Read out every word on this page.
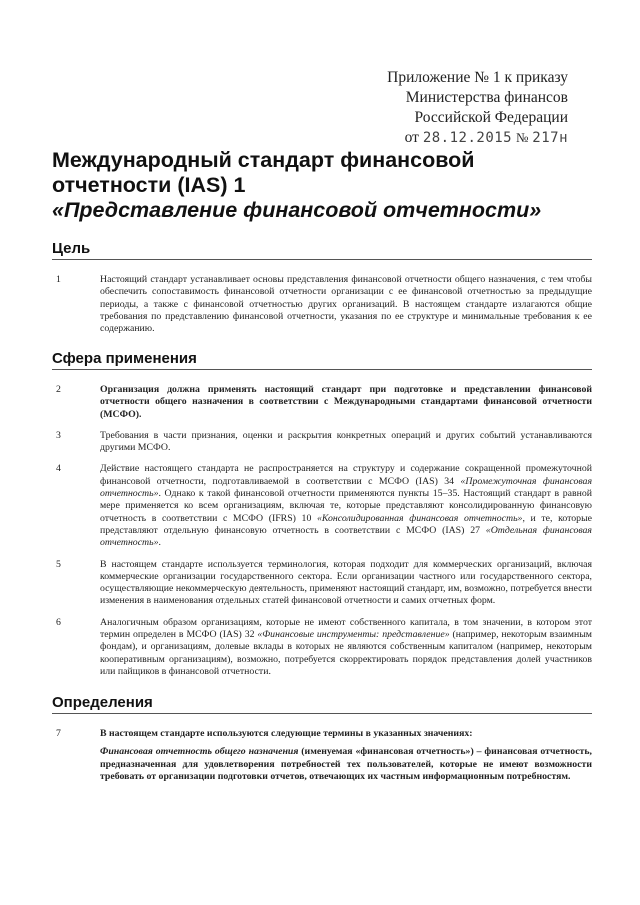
Приложение № 1 к приказу
Министерства финансов
Российской Федерации
от 28.12.2015 № 217н
Международный стандарт финансовой
отчетности (IAS) 1
«Представление финансовой отчетности»
Цель
1	Настоящий стандарт устанавливает основы представления финансовой отчетности общего назначения, с тем чтобы обеспечить сопоставимость финансовой отчетности организации с ее финансовой отчетностью за предыдущие периоды, а также с финансовой отчетностью других организаций. В настоящем стандарте излагаются общие требования по представлению финансовой отчетности, указания по ее структуре и минимальные требования к ее содержанию.
Сфера применения
2	Организация должна применять настоящий стандарт при подготовке и представлении финансовой отчетности общего назначения в соответствии с Международными стандартами финансовой отчетности (МСФО).
3	Требования в части признания, оценки и раскрытия конкретных операций и других событий устанавливаются другими МСФО.
4	Действие настоящего стандарта не распространяется на структуру и содержание сокращенной промежуточной финансовой отчетности, подготавливаемой в соответствии с МСФО (IAS) 34 «Промежуточная финансовая отчетность». Однако к такой финансовой отчетности применяются пункты 15–35. Настоящий стандарт в равной мере применяется ко всем организациям, включая те, которые представляют консолидированную финансовую отчетность в соответствии с МСФО (IFRS) 10 «Консолидированная финансовая отчетность», и те, которые представляют отдельную финансовую отчетность в соответствии с МСФО (IAS) 27 «Отдельная финансовая отчетность».
5	В настоящем стандарте используется терминология, которая подходит для коммерческих организаций, включая коммерческие организации государственного сектора. Если организации частного или государственного сектора, осуществляющие некоммерческую деятельность, применяют настоящий стандарт, им, возможно, потребуется внести изменения в наименования отдельных статей финансовой отчетности и самих отчетных форм.
6	Аналогичным образом организациям, которые не имеют собственного капитала, в том значении, в котором этот термин определен в МСФО (IAS) 32 «Финансовые инструменты: представление» (например, некоторым взаимным фондам), и организациям, долевые вклады в которых не являются собственным капиталом (например, некоторым кооперативным организациям), возможно, потребуется скорректировать порядок представления долей участников или пайщиков в финансовой отчетности.
Определения
7	В настоящем стандарте используются следующие термины в указанных значениях:
Финансовая отчетность общего назначения (именуемая «финансовая отчетность») – финансовая отчетность, предназначенная для удовлетворения потребностей тех пользователей, которые не имеют возможности требовать от организации подготовки отчетов, отвечающих их частным информационным потребностям.
